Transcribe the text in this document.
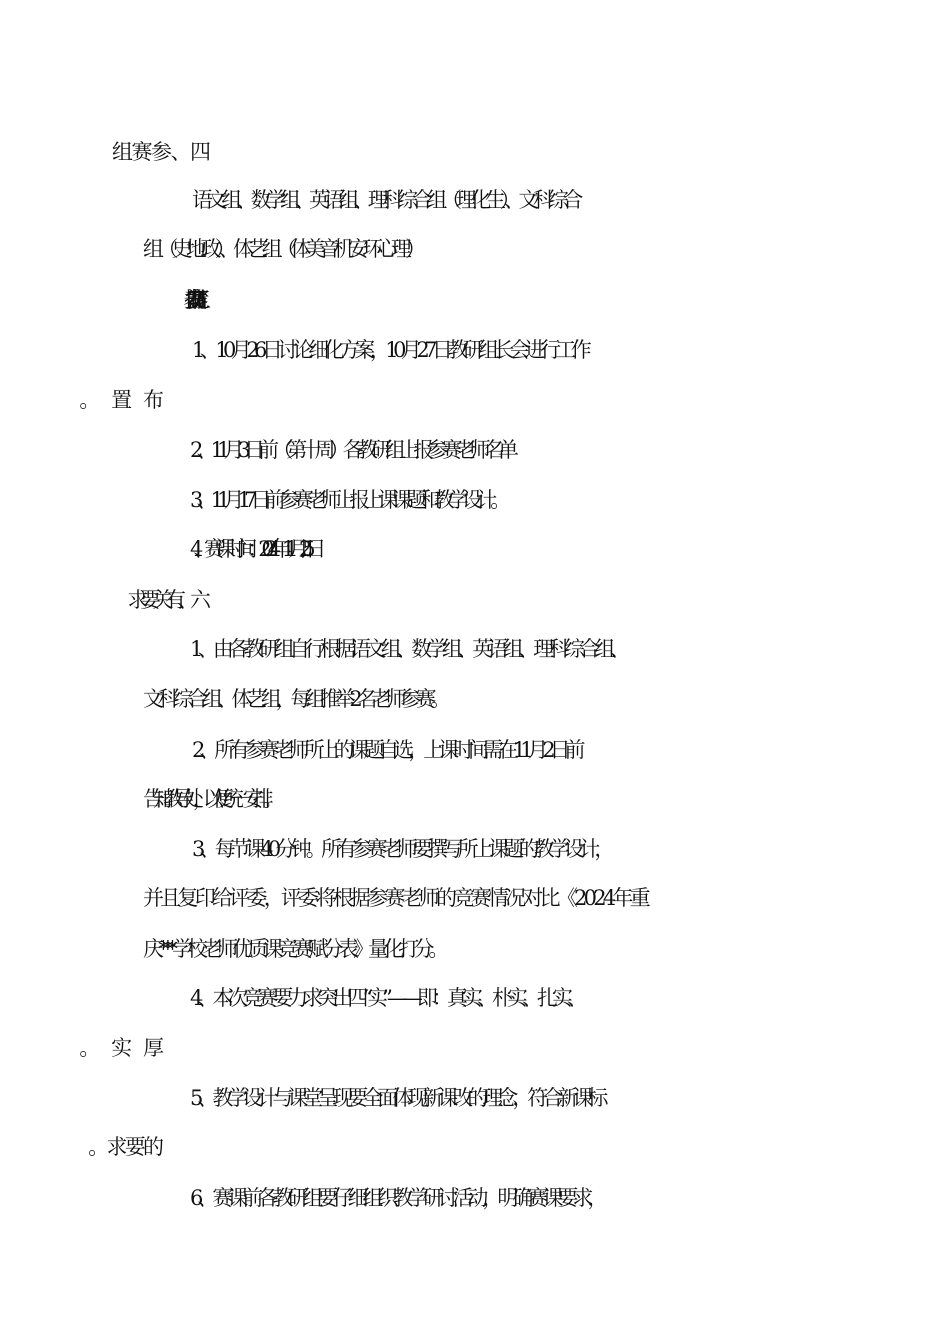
语文组、数学组、英语组、理科综合组（理化生）、文科综合
组（史地政）、体艺组（体美音机安环心理）
1、10月26日讨论细化方案，10月27日教研组长会进行工作
2、11月3日前（第十周）各教研组上报参赛老师名单
3、11月17日前参赛老师上报上课课题和教学设计。
4、赛课时间：2024年11月25日
1、由各教研组自行根据语文组、数学组、英语组、理科综合组、
文科综合组、体艺组，每组推举2名老师参赛。
2、所有参赛老师所上的课题自选，上课时间需在11月2日前
告知教导处，以便统一安排。
3、每节课40分钟。所有参赛老师要撰写所上课题的教学设计，
并且复印给评委，评委将根据参赛老师的竞赛情况对比《2024年重
庆***学校老师优质课竞赛赋分表》量化打分。
4、本次竞赛要力求突出四“实”——即：真实、朴实、扎实、
5、教学设计与课堂呈现要全面体现新课改的理念，符合新课标
6、赛课前各教研组要仔细组织教学研讨活动，明确赛课要求，
